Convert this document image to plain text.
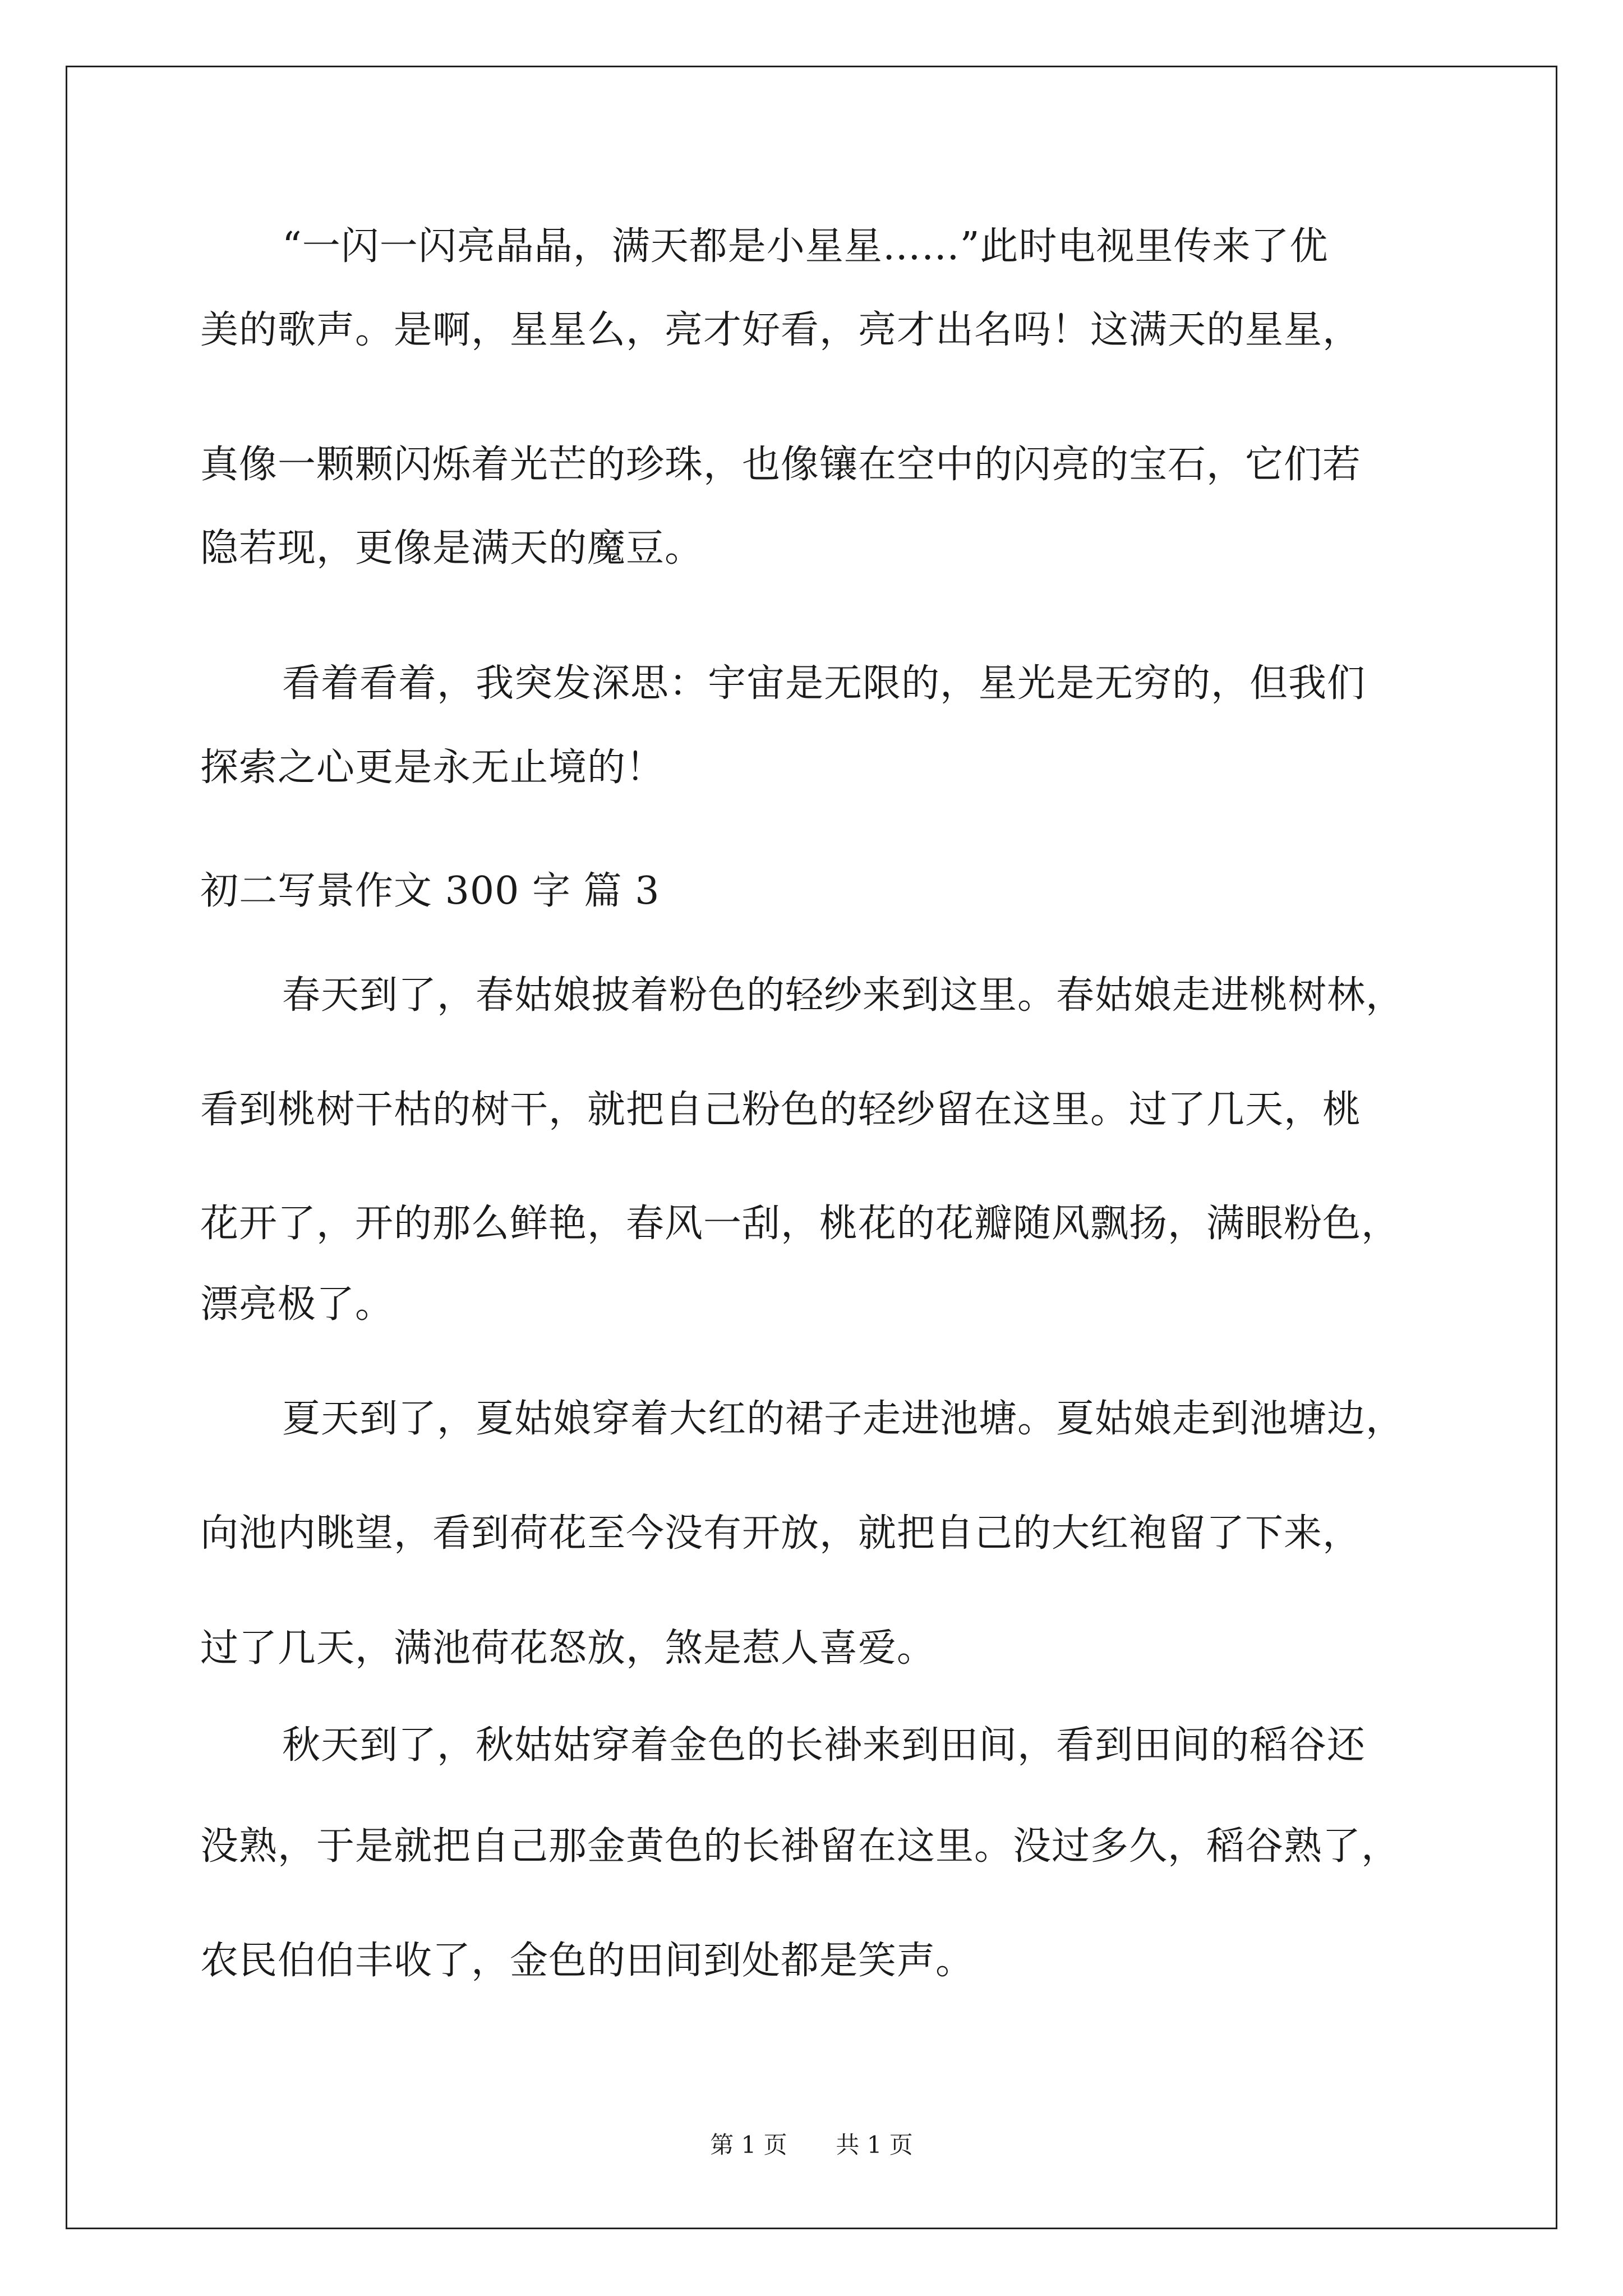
“一闪一闪亮晶晶，满天都是小星星……”此时电视里传来了优

美的歌声。是啊，星星么，亮才好看，亮才出名吗！这满天的星星，

真像一颗颗闪烁着光芒的珍珠，也像镶在空中的闪亮的宝石，它们若

隐若现，更像是满天的魔豆。

看着看着，我突发深思：宇宙是无限的，星光是无穷的，但我们

探索之心更是永无止境的！

初二写景作文 300 字 篇 3

春天到了，春姑娘披着粉色的轻纱来到这里。春姑娘走进桃树林，

看到桃树干枯的树干，就把自己粉色的轻纱留在这里。过了几天，桃

花开了，开的那么鲜艳，春风一刮，桃花的花瓣随风飘扬，满眼粉色，

漂亮极了。

夏天到了，夏姑娘穿着大红的裙子走进池塘。夏姑娘走到池塘边，

向池内眺望，看到荷花至今没有开放，就把自己的大红袍留了下来，

过了几天，满池荷花怒放，煞是惹人喜爱。

秋天到了，秋姑姑穿着金色的长褂来到田间，看到田间的稻谷还

没熟，于是就把自己那金黄色的长褂留在这里。没过多久，稻谷熟了，

农民伯伯丰收了，金色的田间到处都是笑声。

第 1 页 共 1 页
